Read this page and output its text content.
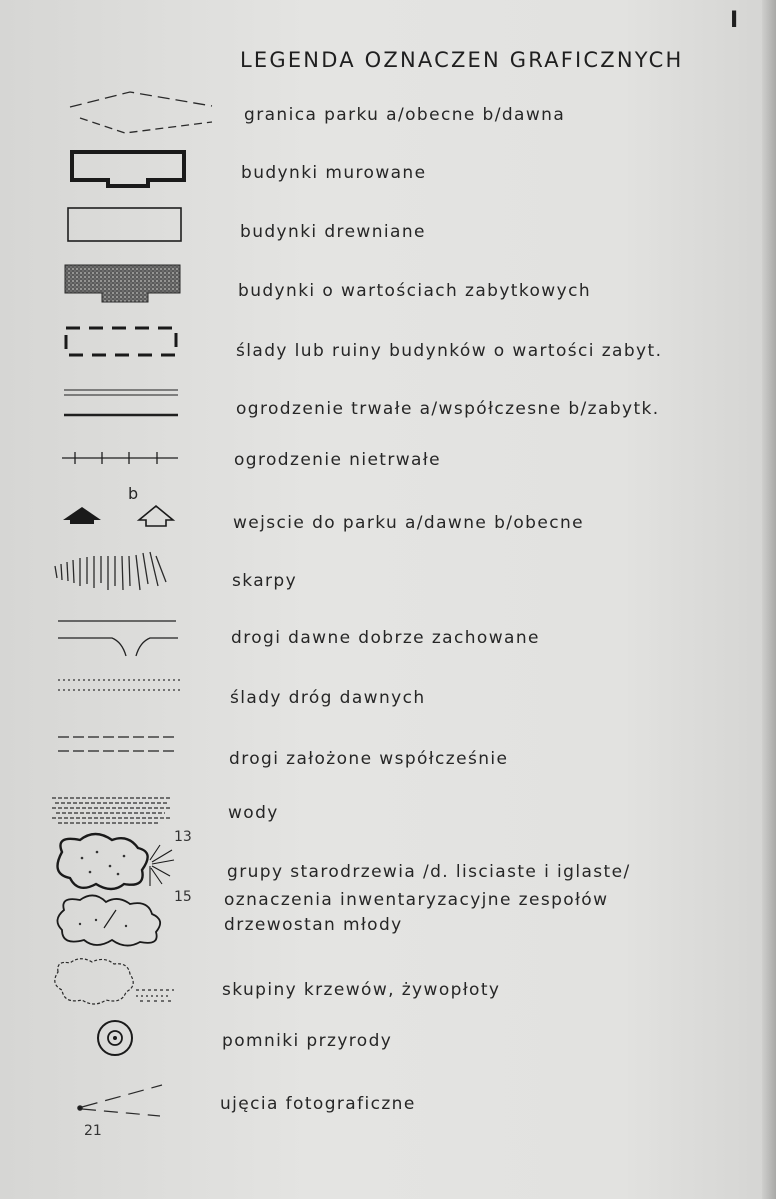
I
LEGENDA OZNACZEN GRAFICZNYCH
b
13
15
21
granica parku a/obecne b/dawna
budynki murowane
budynki drewniane
budynki o wartościach zabytkowych
ślady lub ruiny budynków o wartości zabyt.
ogrodzenie trwałe a/współczesne b/zabytk.
ogrodzenie nietrwałe
wejscie do parku a/dawne b/obecne
skarpy
drogi dawne dobrze zachowane
ślady dróg dawnych
drogi założone współcześnie
wody
grupy starodrzewia /d. lisciaste i iglaste/
oznaczenia inwentaryzacyjne zespołów
drzewostan młody
skupiny krzewów, żywopłoty
pomniki przyrody
ujęcia fotograficzne
